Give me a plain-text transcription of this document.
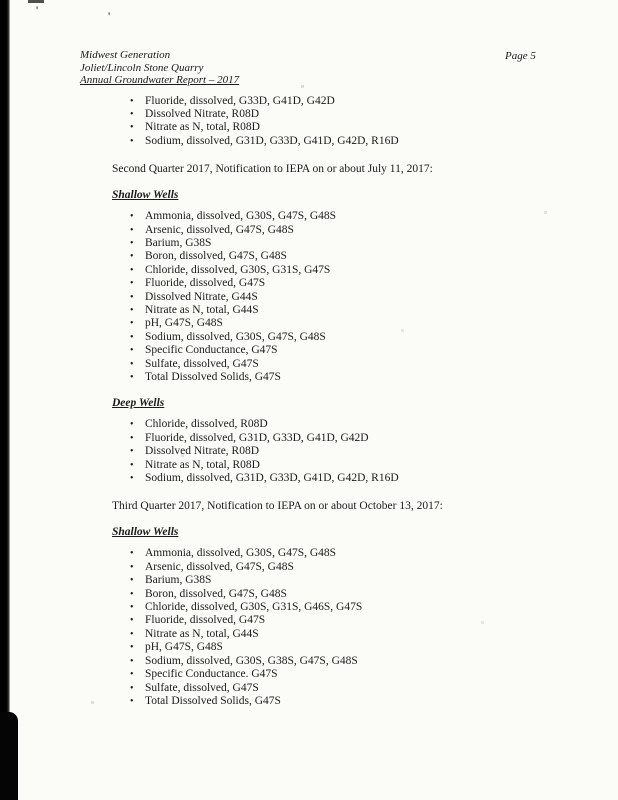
'	'
Page 5
Midwest Generation
Joliet/Lincoln Stone Quarry
Annual Groundwater Report – 2017
• Fluoride, dissolved, G33D, G41D, G42D
• Dissolved Nitrate, R08D
• Nitrate as N, total, R08D
• Sodium, dissolved, G31D, G33D, G41D, G42D, R16D

Second Quarter 2017, Notification to IEPA on or about July 11, 2017:

Shallow Wells
• Ammonia, dissolved, G30S, G47S, G48S
• Arsenic, dissolved, G47S, G48S
• Barium, G38S
• Boron, dissolved, G47S, G48S
• Chloride, dissolved, G30S, G31S, G47S
• Fluoride, dissolved, G47S
• Dissolved Nitrate, G44S
• Nitrate as N, total, G44S
• pH, G47S, G48S
• Sodium, dissolved, G30S, G47S, G48S
• Specific Conductance, G47S
• Sulfate, dissolved, G47S
• Total Dissolved Solids, G47S
Deep Wells
• Chloride, dissolved, R08D
• Fluoride, dissolved, G31D, G33D, G41D, G42D
• Dissolved Nitrate, R08D
• Nitrate as N, total, R08D
• Sodium, dissolved, G31D, G33D, G41D, G42D, R16D

Third Quarter 2017, Notification to IEPA on or about October 13, 2017:

Shallow Wells
• Ammonia, dissolved, G30S, G47S, G48S
• Arsenic, dissolved, G47S, G48S
• Barium, G38S
• Boron, dissolved, G47S, G48S
• Chloride, dissolved, G30S, G31S, G46S, G47S
• Fluoride, dissolved, G47S
• Nitrate as N, total, G44S
• pH, G47S, G48S
• Sodium, dissolved, G30S, G38S, G47S, G48S
• Specific Conductance. G47S
• Sulfate, dissolved, G47S
• Total Dissolved Solids, G47S
